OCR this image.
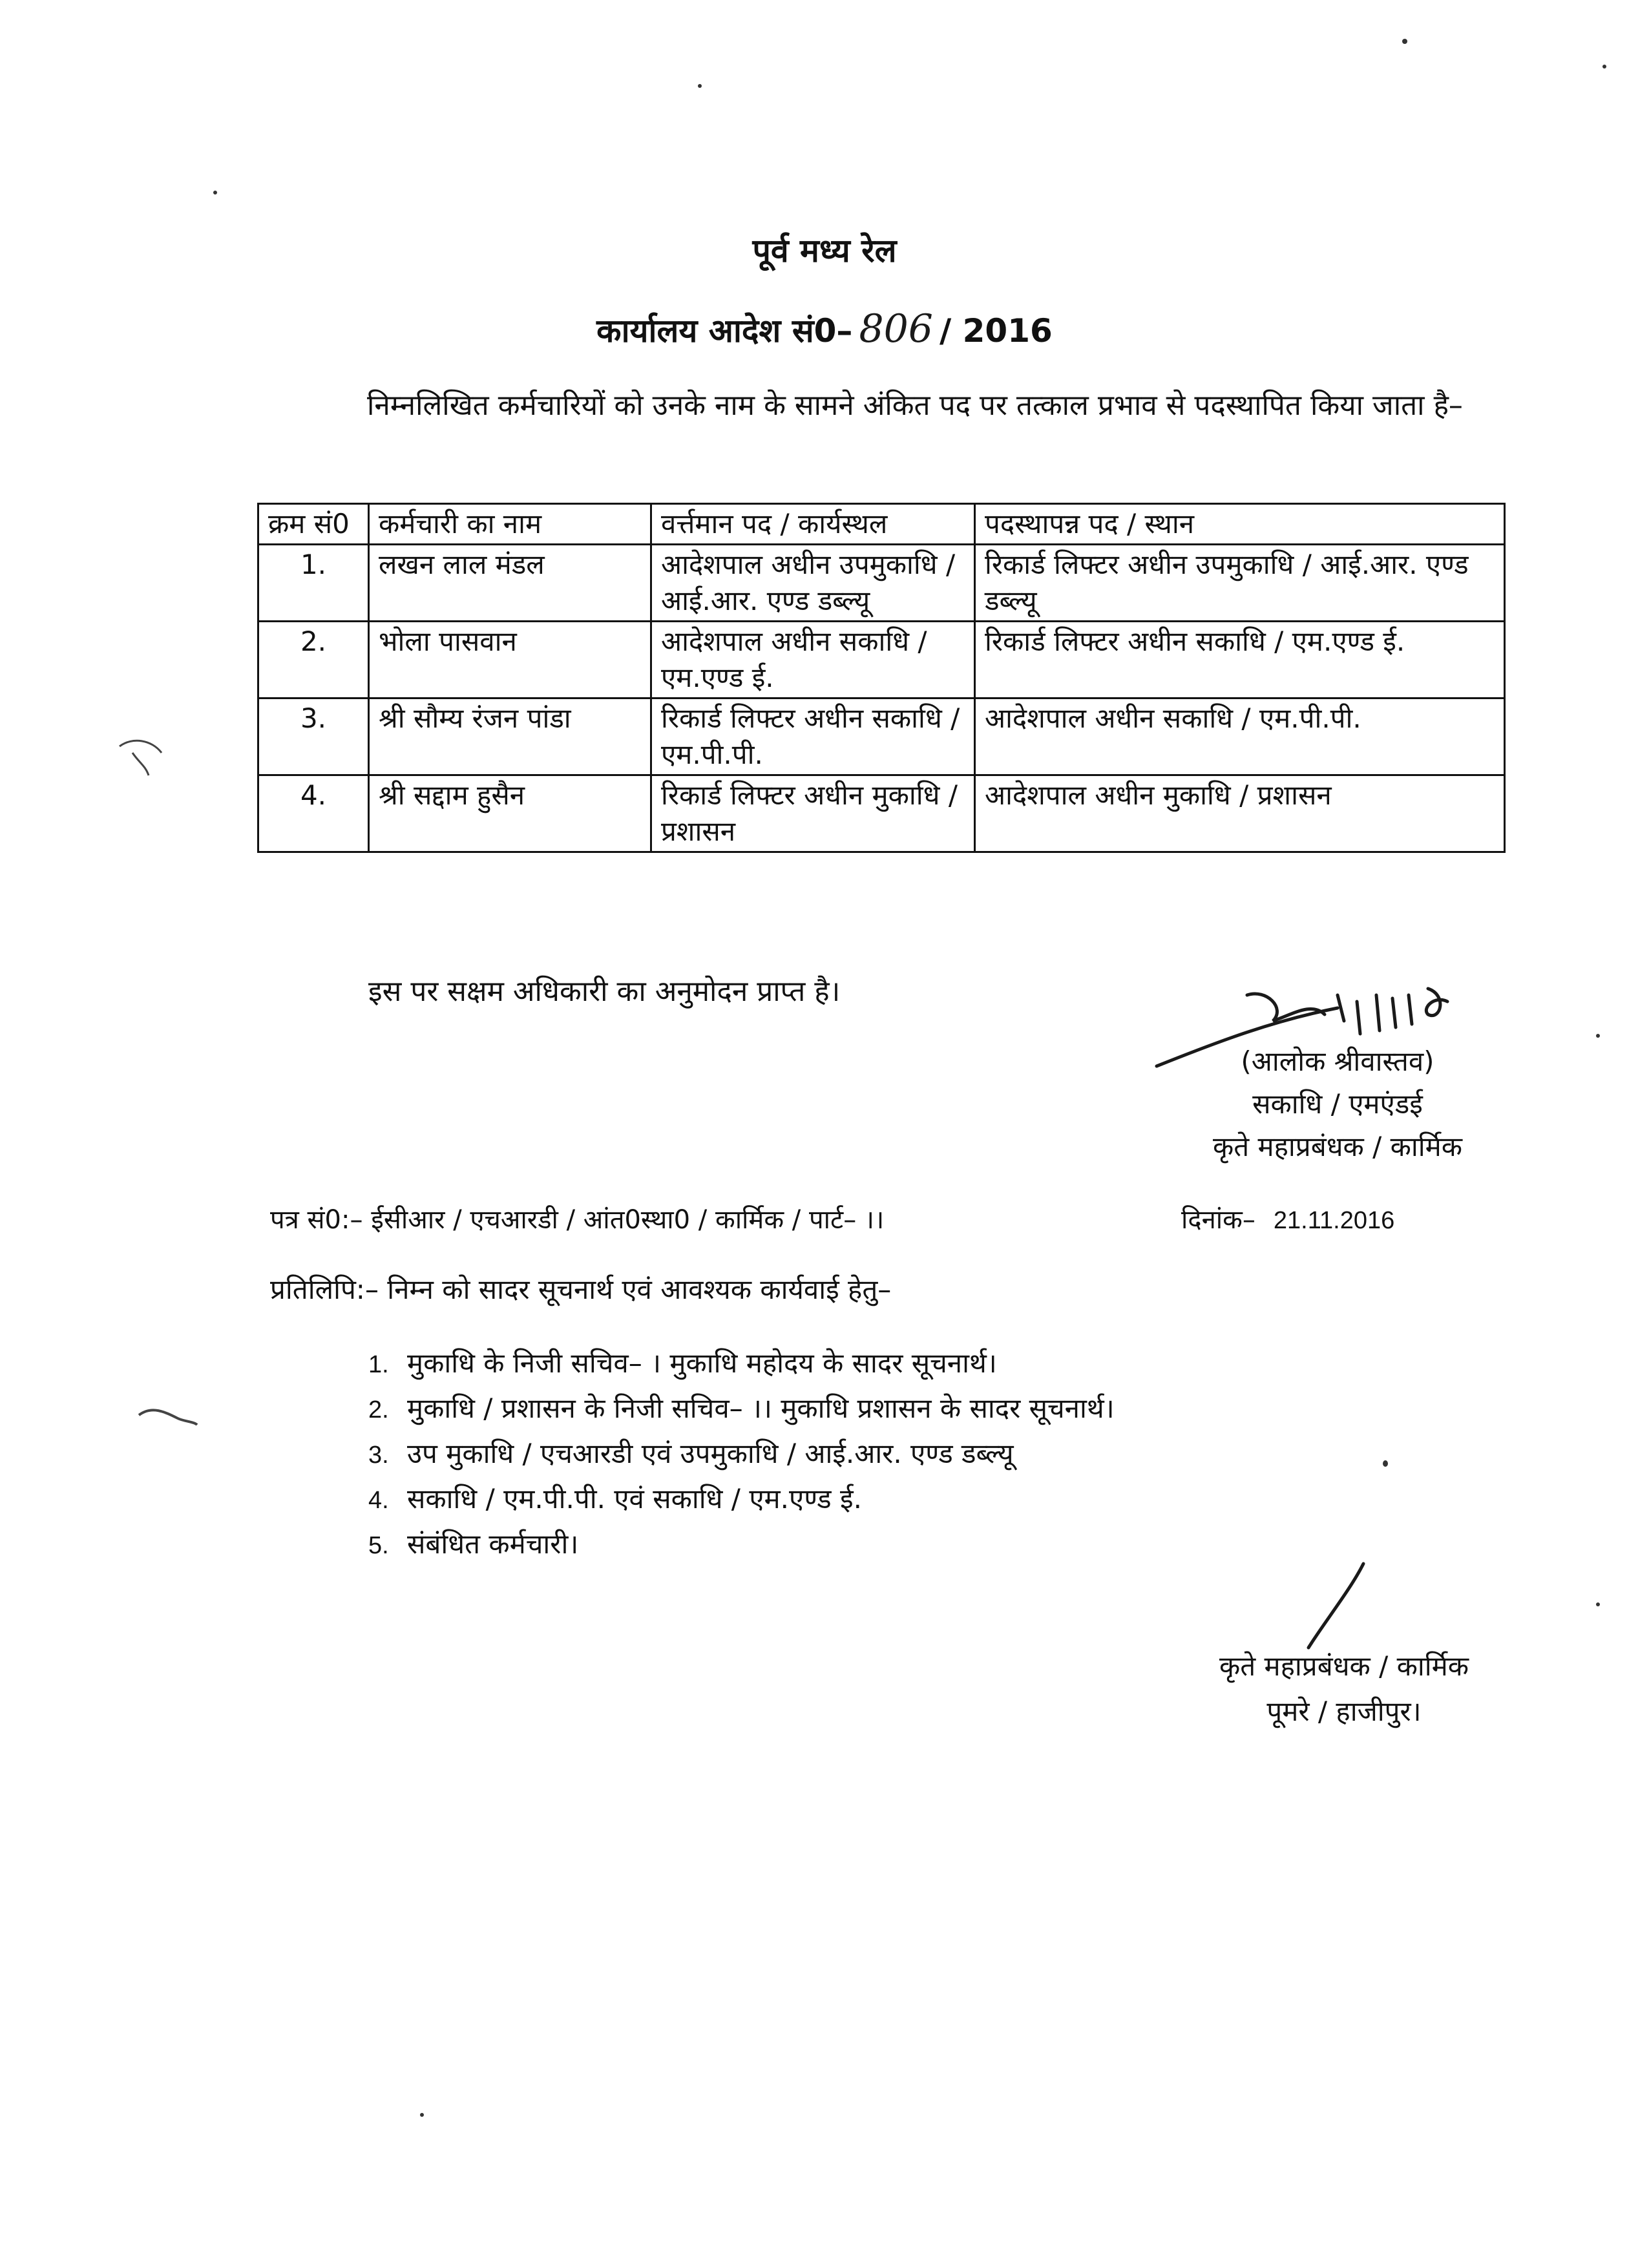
पूर्व मध्य रेल
कार्यालय आदेश सं0– 806 / 2016
निम्नलिखित कर्मचारियों को उनके नाम के सामने अंकित पद पर तत्काल प्रभाव से पदस्थापित किया जाता है–
क्रम सं0	कर्मचारी का नाम	वर्त्तमान पद / कार्यस्थल	पदस्थापन्न पद / स्थान
1.	लखन लाल मंडल	आदेशपाल अधीन उपमुकाधि / आई.आर. एण्ड डब्ल्यू	रिकार्ड लिफ्टर अधीन उपमुकाधि / आई.आर. एण्ड डब्ल्यू
2.	भोला पासवान	आदेशपाल अधीन सकाधि / एम.एण्ड ई.	रिकार्ड लिफ्टर अधीन सकाधि / एम.एण्ड ई.
3.	श्री सौम्य रंजन पांडा	रिकार्ड लिफ्टर अधीन सकाधि / एम.पी.पी.	आदेशपाल अधीन सकाधि / एम.पी.पी.
4.	श्री सद्दाम हुसैन	रिकार्ड लिफ्टर अधीन मुकाधि / प्रशासन	आदेशपाल अधीन मुकाधि / प्रशासन
इस पर सक्षम अधिकारी का अनुमोदन प्राप्त है।
(आलोक श्रीवास्तव)
सकाधि / एमएंडई
कृते महाप्रबंधक / कार्मिक
पत्र सं0:– ईसीआर / एचआरडी / आंत0स्था0 / कार्मिक / पार्ट– ।।	दिनांक– 21.11.2016
प्रतिलिपि:– निम्न को सादर सूचनार्थ एवं आवश्यक कार्यवाई हेतु–
1. मुकाधि के निजी सचिव– । मुकाधि महोदय के सादर सूचनार्थ।
2. मुकाधि / प्रशासन के निजी सचिव– ।। मुकाधि प्रशासन के सादर सूचनार्थ।
3. उप मुकाधि / एचआरडी एवं उपमुकाधि / आई.आर. एण्ड डब्ल्यू
4. सकाधि / एम.पी.पी. एवं सकाधि / एम.एण्ड ई.
5. संबंधित कर्मचारी।
कृते महाप्रबंधक / कार्मिक
पूमरे / हाजीपुर।
